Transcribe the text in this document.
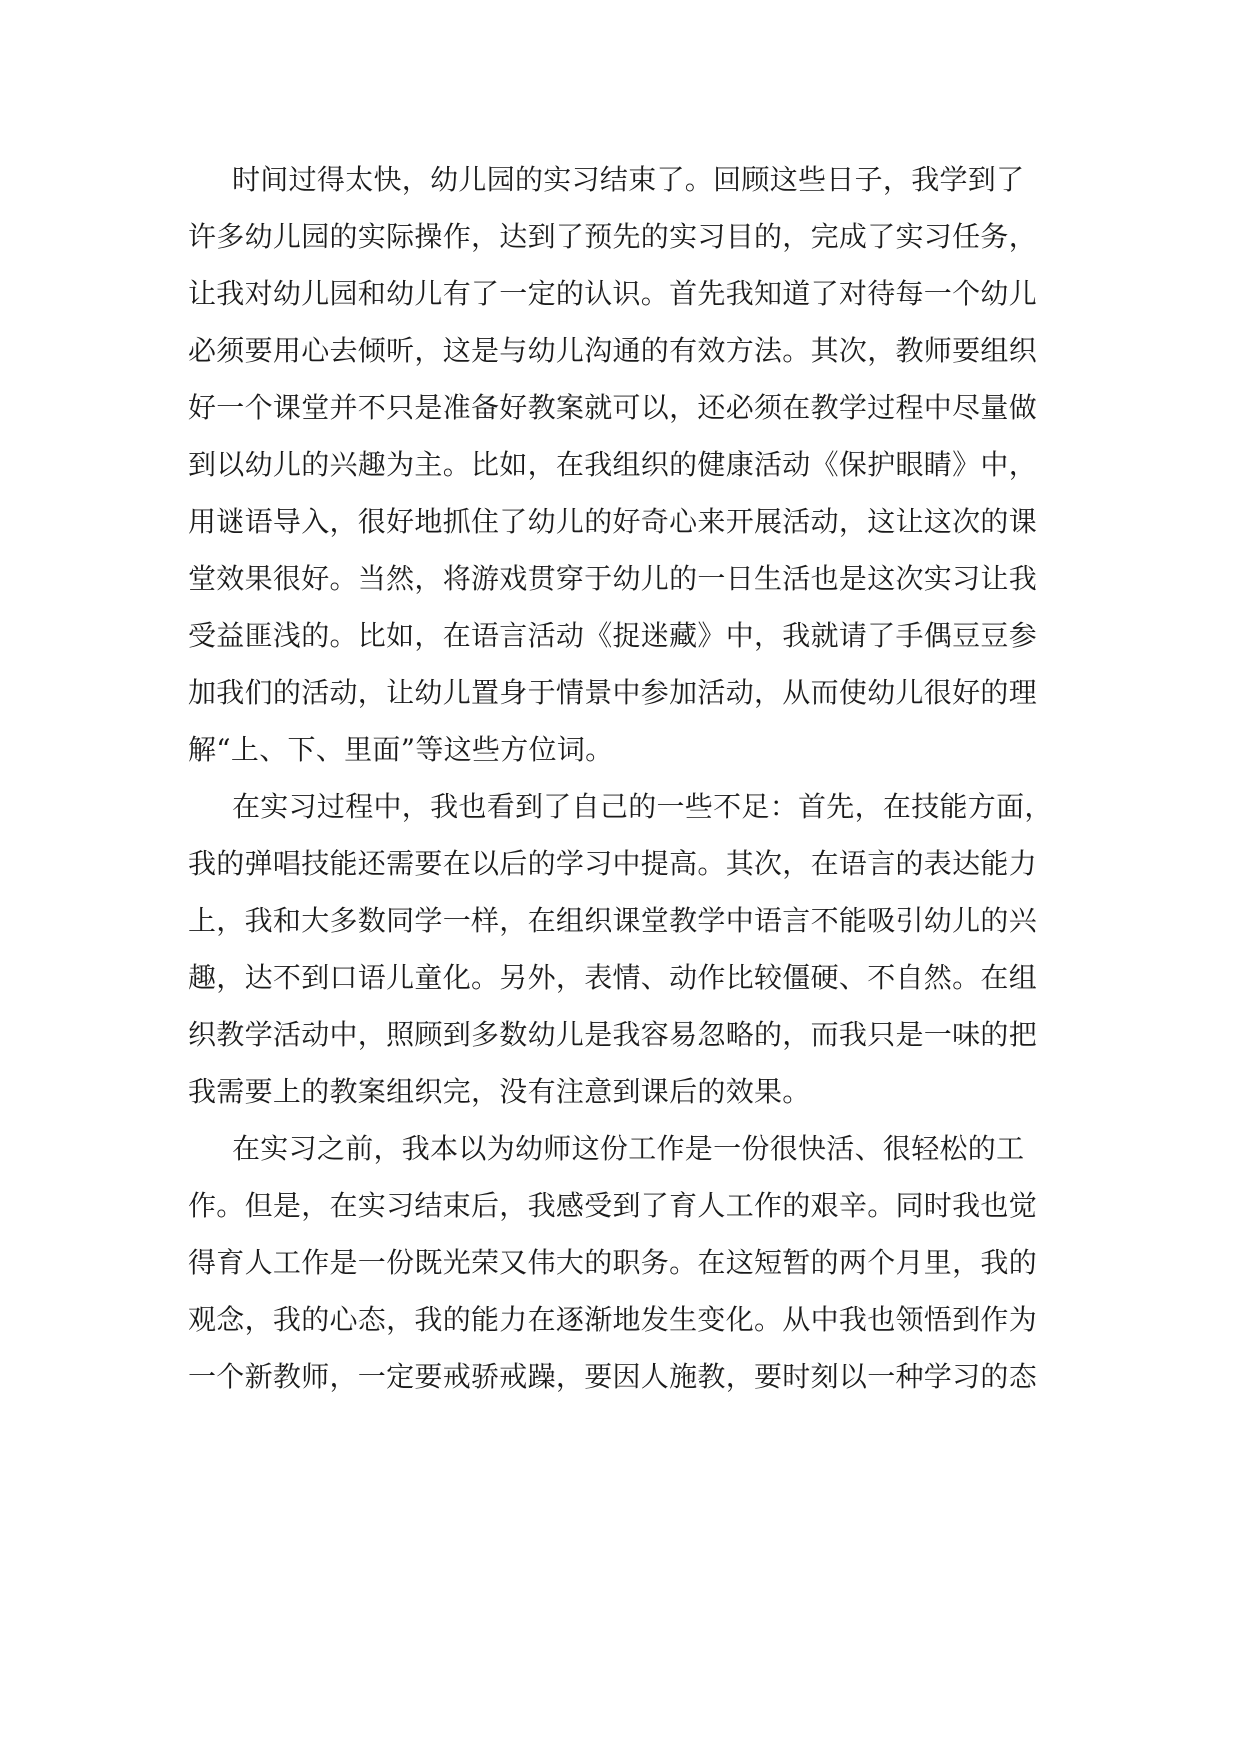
时间过得太快，幼儿园的实习结束了。回顾这些日子，我学到了
许多幼儿园的实际操作，达到了预先的实习目的，完成了实习任务，
让我对幼儿园和幼儿有了一定的认识。首先我知道了对待每一个幼儿
必须要用心去倾听，这是与幼儿沟通的有效方法。其次，教师要组织
好一个课堂并不只是准备好教案就可以，还必须在教学过程中尽量做
到以幼儿的兴趣为主。比如，在我组织的健康活动《保护眼睛》中，
用谜语导入，很好地抓住了幼儿的好奇心来开展活动，这让这次的课
堂效果很好。当然，将游戏贯穿于幼儿的一日生活也是这次实习让我
受益匪浅的。比如，在语言活动《捉迷藏》中，我就请了手偶豆豆参
加我们的活动，让幼儿置身于情景中参加活动，从而使幼儿很好的理
解“上、下、里面”等这些方位词。
在实习过程中，我也看到了自己的一些不足：首先，在技能方面，
我的弹唱技能还需要在以后的学习中提高。其次，在语言的表达能力
上，我和大多数同学一样，在组织课堂教学中语言不能吸引幼儿的兴
趣，达不到口语儿童化。另外，表情、动作比较僵硬、不自然。在组
织教学活动中，照顾到多数幼儿是我容易忽略的，而我只是一味的把
我需要上的教案组织完，没有注意到课后的效果。
在实习之前，我本以为幼师这份工作是一份很快活、很轻松的工
作。但是，在实习结束后，我感受到了育人工作的艰辛。同时我也觉
得育人工作是一份既光荣又伟大的职务。在这短暂的两个月里，我的
观念，我的心态，我的能力在逐渐地发生变化。从中我也领悟到作为
一个新教师，一定要戒骄戒躁，要因人施教，要时刻以一种学习的态
